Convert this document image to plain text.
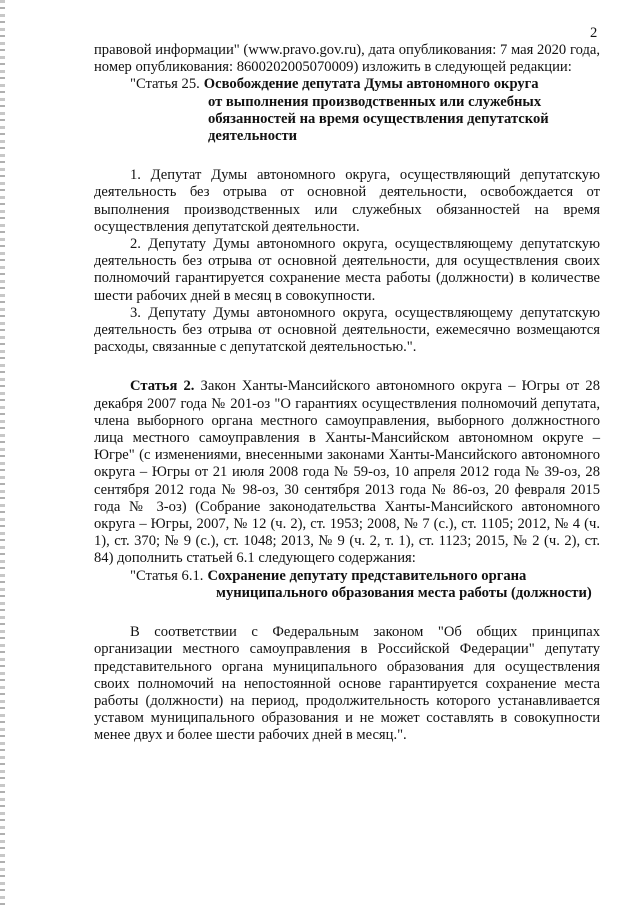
2

правовой информации" (www.pravo.gov.ru), дата опубликования: 7 мая 2020 года, номер опубликования: 8600202005070009) изложить в следующей редакции:

"Статья 25. Освобождение депутата Думы автономного округа
от выполнения производственных или служебных
обязанностей на время осуществления депутатской
деятельности

1. Депутат Думы автономного округа, осуществляющий депутатскую деятельность без отрыва от основной деятельности, освобождается от выполнения производственных или служебных обязанностей на время осуществления депутатской деятельности.

2. Депутату Думы автономного округа, осуществляющему депутатскую деятельность без отрыва от основной деятельности, для осуществления своих полномочий гарантируется сохранение места работы (должности) в количестве шести рабочих дней в месяц в совокупности.

3. Депутату Думы автономного округа, осуществляющему депутатскую деятельность без отрыва от основной деятельности, ежемесячно возмещаются расходы, связанные с депутатской деятельностью.".

Статья 2. Закон Ханты-Мансийского автономного округа – Югры от 28 декабря 2007 года № 201-оз "О гарантиях осуществления полномочий депутата, члена выборного органа местного самоуправления, выборного должностного лица местного самоуправления в Ханты-Мансийском автономном округе – Югре" (с изменениями, внесенными законами Ханты-Мансийского автономного округа – Югры от 21 июля 2008 года № 59-оз, 10 апреля 2012 года № 39-оз, 28 сентября 2012 года № 98-оз, 30 сентября 2013 года № 86-оз, 20 февраля 2015 года № 3-оз) (Собрание законодательства Ханты-Мансийского автономного округа – Югры, 2007, № 12 (ч. 2), ст. 1953; 2008, № 7 (с.), ст. 1105; 2012, № 4 (ч. 1), ст. 370; № 9 (с.), ст. 1048; 2013, № 9 (ч. 2, т. 1), ст. 1123; 2015, № 2 (ч. 2), ст. 84) дополнить статьей 6.1 следующего содержания:

"Статья 6.1. Сохранение депутату представительного органа
муниципального образования места работы (должности)

В соответствии с Федеральным законом "Об общих принципах организации местного самоуправления в Российской Федерации" депутату представительного органа муниципального образования для осуществления своих полномочий на непостоянной основе гарантируется сохранение места работы (должности) на период, продолжительность которого устанавливается уставом муниципального образования и не может составлять в совокупности менее двух и более шести рабочих дней в месяц.".
